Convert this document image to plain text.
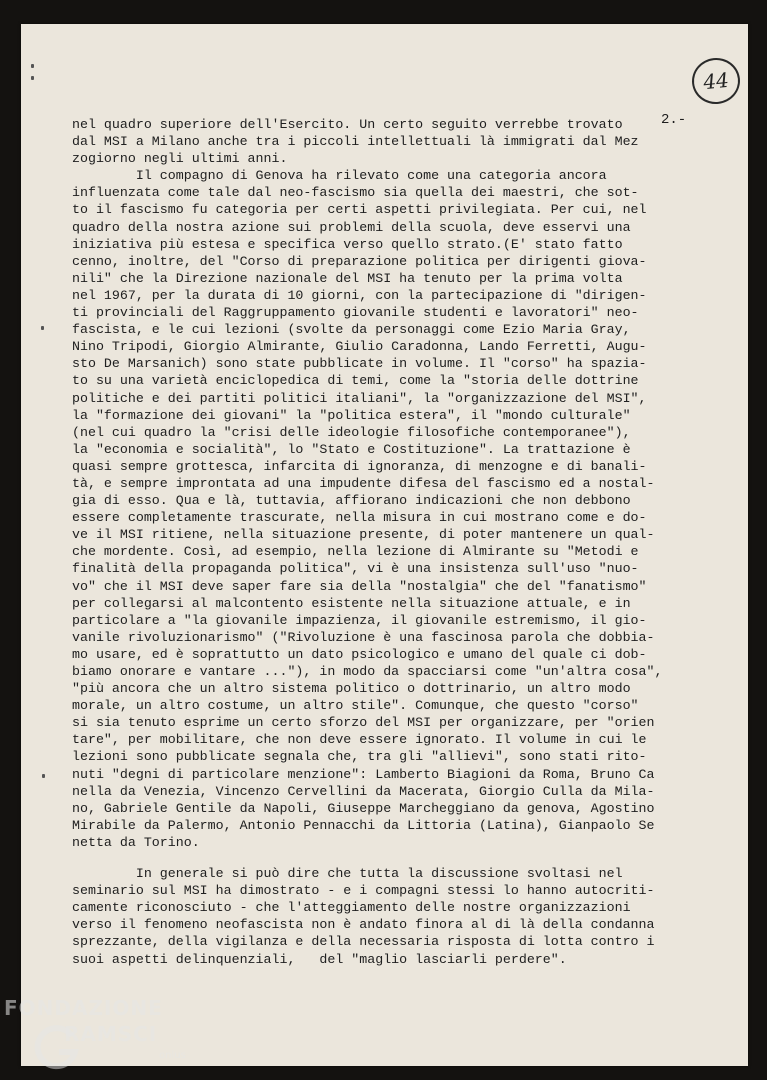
44
2.-
nel quadro superiore dell'Esercito. Un certo seguito verrebbe trovato
dal MSI a Milano anche tra i piccoli intellettuali là immigrati dal Mez
zogiorno negli ultimi anni.
Il compagno di Genova ha rilevato come una categoria ancora
influenzata come tale dal neo-fascismo sia quella dei maestri, che sot-
to il fascismo fu categoria per certi aspetti privilegiata. Per cui, nel
quadro della nostra azione sui problemi della scuola, deve esservi una
iniziativa più estesa e specifica verso quello strato.(E' stato fatto
cenno, inoltre, del "Corso di preparazione politica per dirigenti giova-
nili" che la Direzione nazionale del MSI ha tenuto per la prima volta
nel 1967, per la durata di 10 giorni, con la partecipazione di "dirigen-
ti provinciali del Raggruppamento giovanile studenti e lavoratori" neo-
fascista, e le cui lezioni (svolte da personaggi come Ezio Maria Gray,
Nino Tripodi, Giorgio Almirante, Giulio Caradonna, Lando Ferretti, Augu-
sto De Marsanich) sono state pubblicate in volume. Il "corso" ha spazia-
to su una varietà enciclopedica di temi, come la "storia delle dottrine
politiche e dei partiti politici italiani", la "organizzazione del MSI",
la "formazione dei giovani" la "politica estera", il "mondo culturale"
(nel cui quadro la "crisi delle ideologie filosofiche contemporanee"),
la "economia e socialità", lo "Stato e Costituzione". La trattazione è
quasi sempre grottesca, infarcita di ignoranza, di menzogne e di banali-
tà, e sempre improntata ad una impudente difesa del fascismo ed a nostal-
gia di esso. Qua e là, tuttavia, affiorano indicazioni che non debbono
essere completamente trascurate, nella misura in cui mostrano come e do-
ve il MSI ritiene, nella situazione presente, di poter mantenere un qual-
che mordente. Così, ad esempio, nella lezione di Almirante su "Metodi e
finalità della propaganda politica", vi è una insistenza sull'uso "nuo-
vo" che il MSI deve saper fare sia della "nostalgia" che del "fanatismo"
per collegarsi al malcontento esistente nella situazione attuale, e in
particolare a "la giovanile impazienza, il giovanile estremismo, il gio-
vanile rivoluzionarismo" ("Rivoluzione è una fascinosa parola che dobbia-
mo usare, ed è soprattutto un dato psicologico e umano del quale ci dob-
biamo onorare e vantare ..."), in modo da spacciarsi come "un'altra cosa",
"più ancora che un altro sistema politico o dottrinario, un altro modo
morale, un altro costume, un altro stile". Comunque, che questo "corso"
si sia tenuto esprime un certo sforzo del MSI per organizzare, per "orien
tare", per mobilitare, che non deve essere ignorato. Il volume in cui le
lezioni sono pubblicate segnala che, tra gli "allievi", sono stati rito-
nuti "degni di particolare menzione": Lamberto Biagioni da Roma, Bruno Ca
nella da Venezia, Vincenzo Cervellini da Macerata, Giorgio Culla da Mila-
no, Gabriele Gentile da Napoli, Giuseppe Marcheggiano da genova, Agostino
Mirabile da Palermo, Antonio Pennacchi da Littoria (Latina), Gianpaolo Se
netta da Torino.
In generale si può dire che tutta la discussione svoltasi nel
seminario sul MSI ha dimostrato - e i compagni stessi lo hanno autocriti-
camente riconosciuto - che l'atteggiamento delle nostre organizzazioni
verso il fenomeno neofascista non è andato finora al di là della condanna
sprezzante, della vigilanza e della necessaria risposta di lotta contro i
suoi aspetti delinquenziali,   del "maglio lasciarli perdere".
FONDAZIONE
RAMSCI
onlus
